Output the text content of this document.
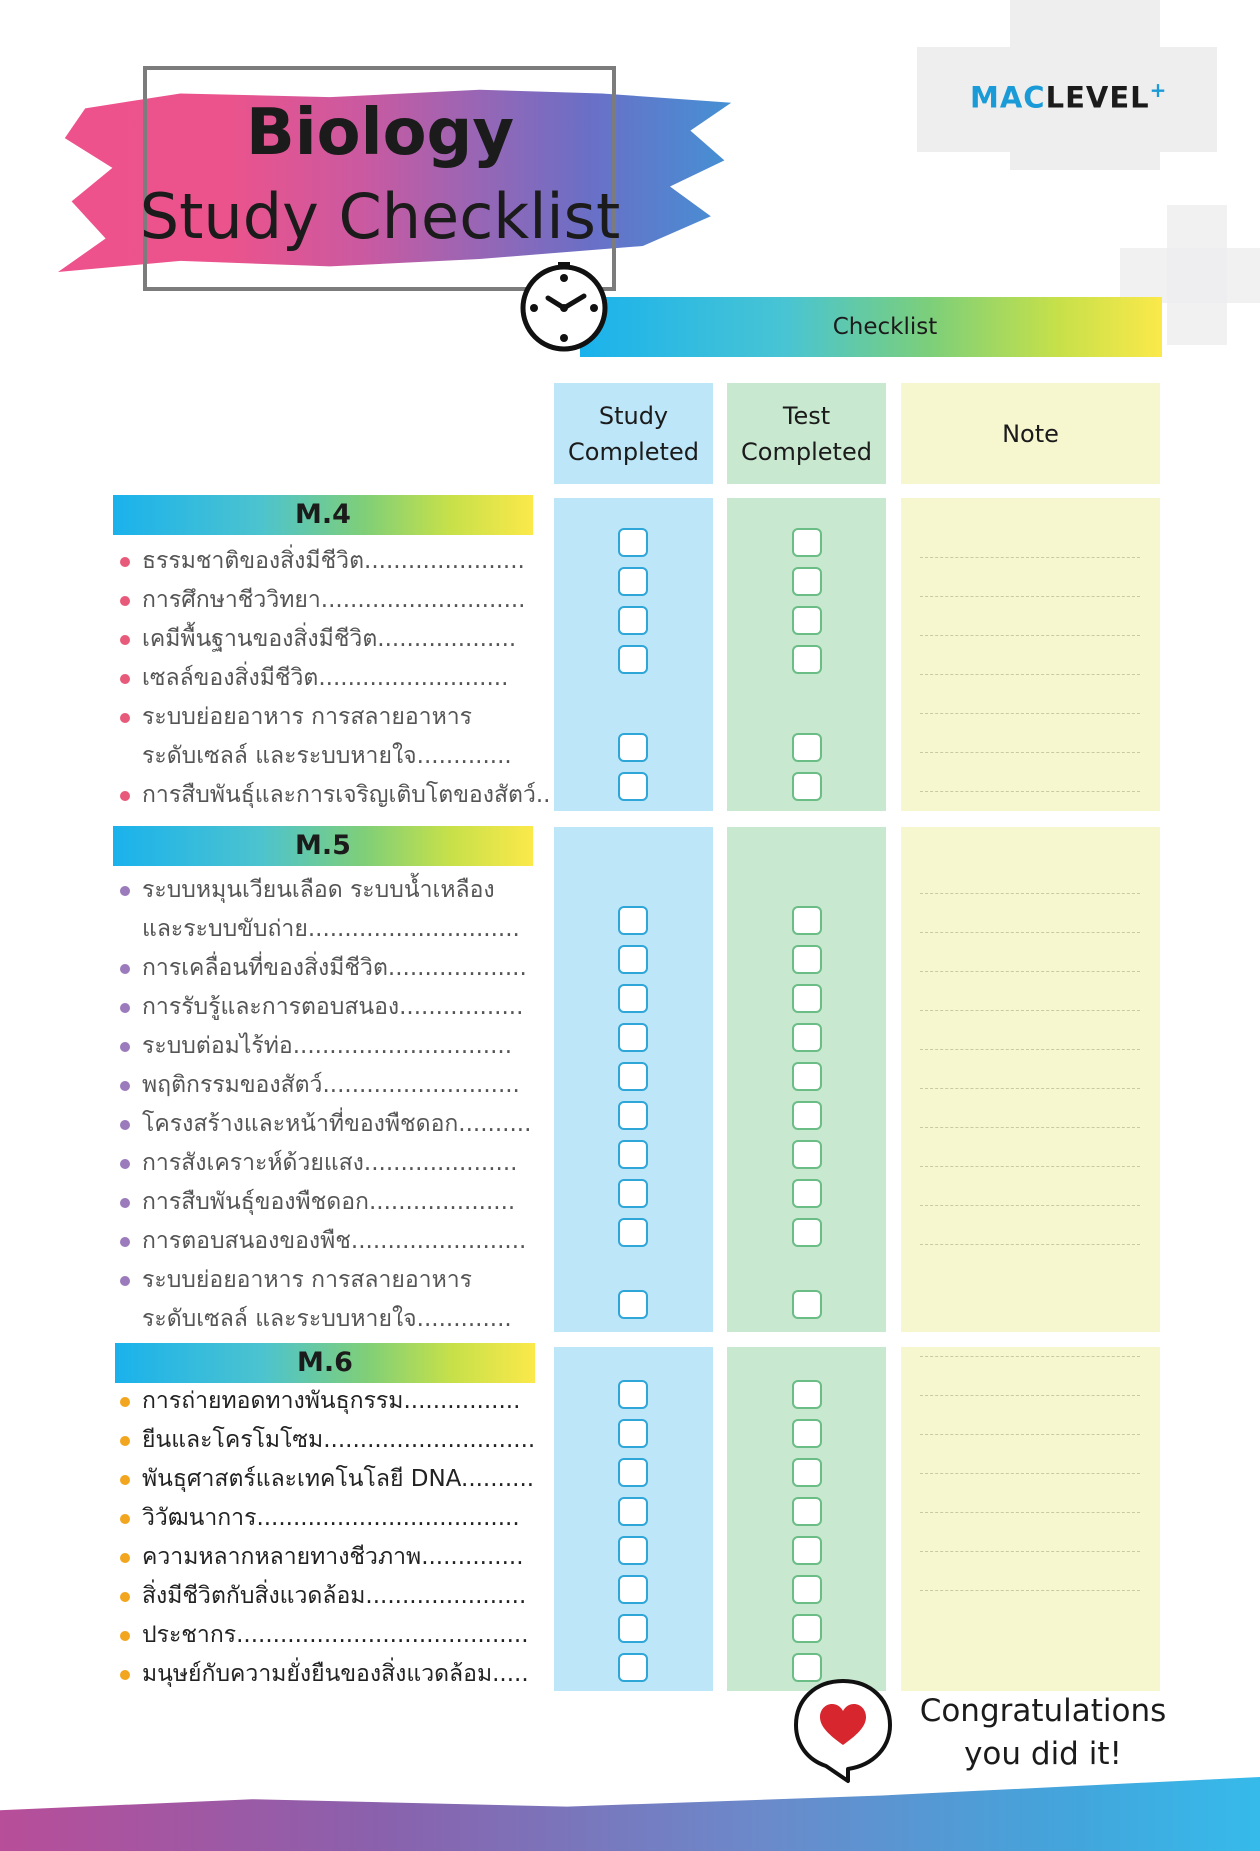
Biology
Study Checklist
MACLEVEL+
Checklist
Study
Completed
Test
Completed
Note
M.4
M.5
M.6
ธรรมชาติของสิ่งมีชีวิต......................
การศึกษาชีววิทยา............................
เคมีพื้นฐานของสิ่งมีชีวิต...................
เซลล์ของสิ่งมีชีวิต..........................
ระบบย่อยอาหาร การสลายอาหาร
ระดับเซลล์ และระบบหายใจ.............
การสืบพันธุ์และการเจริญเติบโตของสัตว์..
ระบบหมุนเวียนเลือด ระบบน้ำเหลือง
และระบบขับถ่าย.............................
การเคลื่อนที่ของสิ่งมีชีวิต...................
การรับรู้และการตอบสนอง.................
ระบบต่อมไร้ท่อ..............................
พฤติกรรมของสัตว์...........................
โครงสร้างและหน้าที่ของพืชดอก..........
การสังเคราะห์ด้วยแสง.....................
การสืบพันธุ์ของพืชดอก....................
การตอบสนองของพืช........................
ระบบย่อยอาหาร การสลายอาหาร
ระดับเซลล์ และระบบหายใจ.............
การถ่ายทอดทางพันธุกรรม................
ยีนและโครโมโซม.............................
พันธุศาสตร์และเทคโนโลยี DNA..........
วิวัฒนาการ....................................
ความหลากหลายทางชีวภาพ..............
สิ่งมีชีวิตกับสิ่งแวดล้อม......................
ประชากร........................................
มนุษย์กับความยั่งยืนของสิ่งแวดล้อม.....
Congratulations
you did it!
